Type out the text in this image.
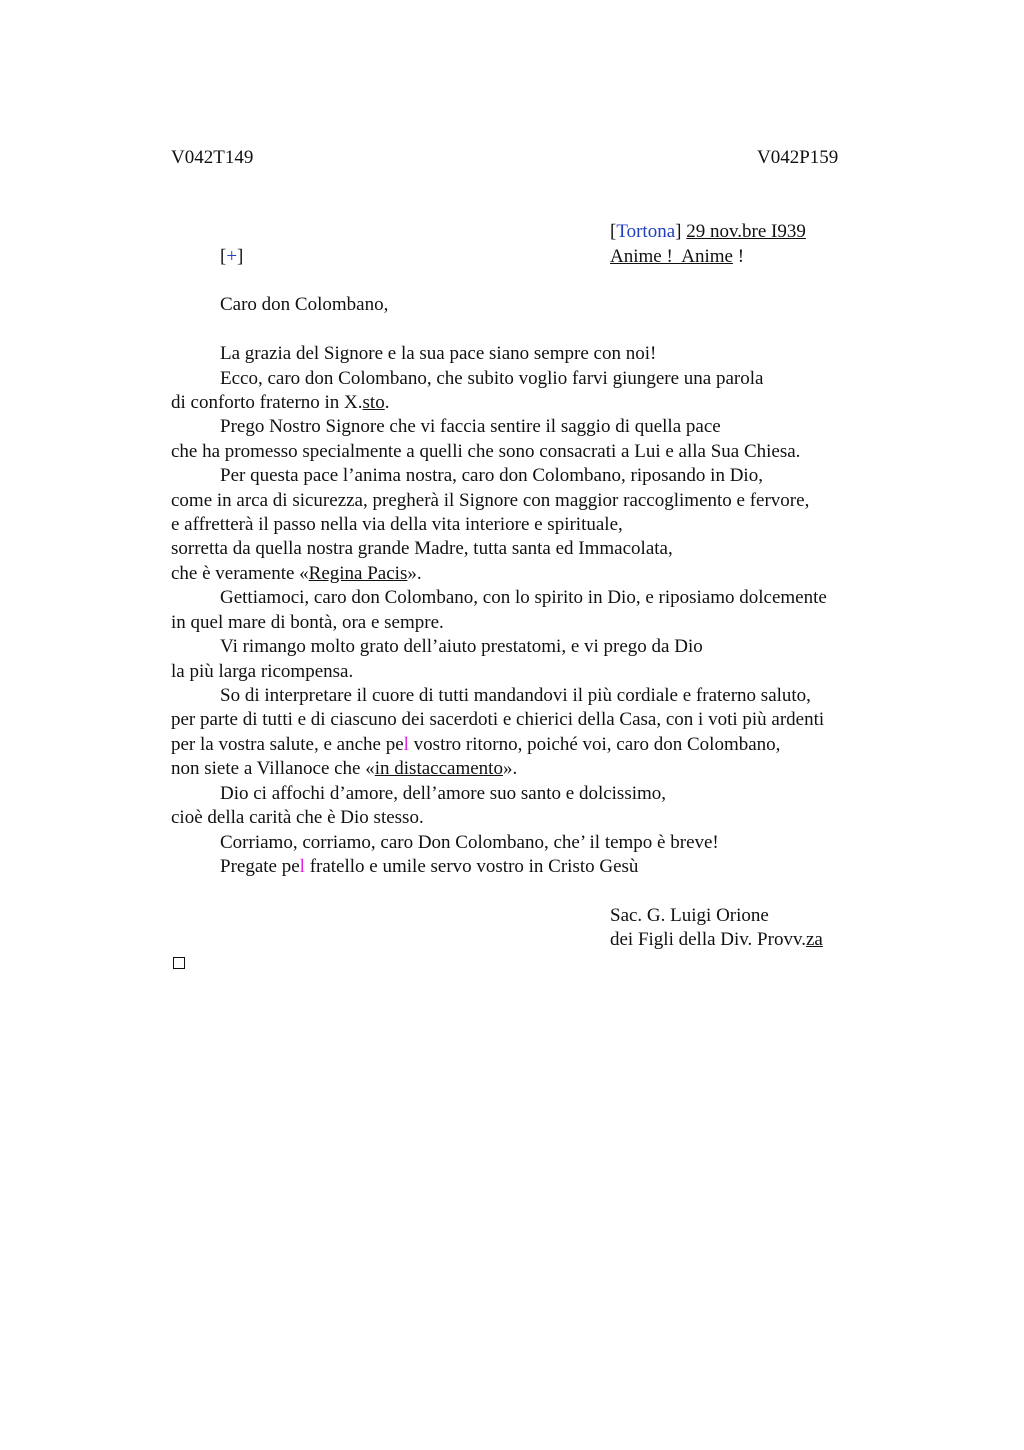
V042T149	V042P159
[Tortona] 29 nov.bre I939
[+]	Anime !  Anime !
Caro don Colombano,
La grazia del Signore e la sua pace siano sempre con noi!
Ecco, caro don Colombano, che subito voglio farvi giungere una parola
di conforto fraterno in X.sto.
Prego Nostro Signore che vi faccia sentire il saggio di quella pace
che ha promesso specialmente a quelli che sono consacrati a Lui e alla Sua Chiesa.
Per questa pace l’anima nostra, caro don Colombano, riposando in Dio,
come in arca di sicurezza, pregherà il Signore con maggior raccoglimento e fervore,
e affretterà il passo nella via della vita interiore e spirituale,
sorretta da quella nostra grande Madre, tutta santa ed Immacolata,
che è veramente «Regina Pacis».
Gettiamoci, caro don Colombano, con lo spirito in Dio, e riposiamo dolcemente
in quel mare di bontà, ora e sempre.
Vi rimango molto grato dell’aiuto prestatomi, e vi prego da Dio
la più larga ricompensa.
So di interpretare il cuore di tutti mandandovi il più cordiale e fraterno saluto,
per parte di tutti e di ciascuno dei sacerdoti e chierici della Casa, con i voti più ardenti
per la vostra salute, e anche pel vostro ritorno, poiché voi, caro don Colombano,
non siete a Villanoce che «in distaccamento».
Dio ci affochi d’amore, dell’amore suo santo e dolcissimo,
cioè della carità che è Dio stesso.
Corriamo, corriamo, caro Don Colombano, che’ il tempo è breve!
Pregate pel fratello e umile servo vostro in Cristo Gesù
Sac. G. Luigi Orione
dei Figli della Div. Provv.za
